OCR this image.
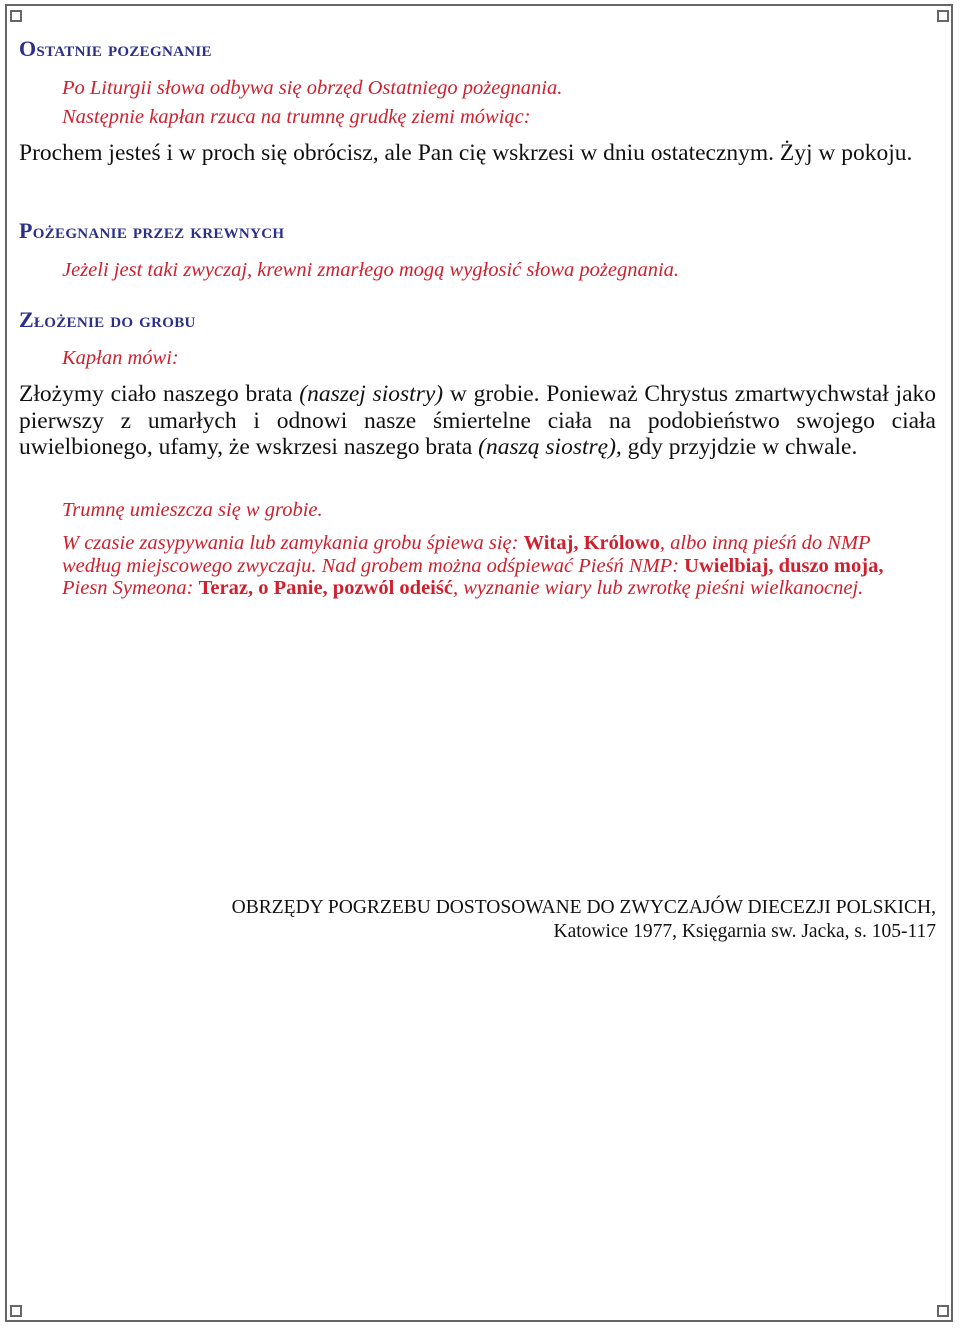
Ostatnie pozegnanie
Po Liturgii słowa odbywa się obrzęd Ostatniego pożegnania.
Następnie kapłan rzuca na trumnę grudkę ziemi mówiąc:
Prochem jesteś i w proch się obrócisz, ale Pan cię wskrzesi w dniu ostatecznym. Żyj w pokoju.
Pożegnanie przez krewnych
Jeżeli jest taki zwyczaj, krewni zmarłego mogą wygłosić słowa pożegnania.
Złożenie do grobu
Kapłan mówi:
Złożymy ciało naszego brata (naszej siostry) w grobie. Ponieważ Chrystus zmartwychwstał jako pierwszy z umarłych i odnowi nasze śmiertelne ciała na podobieństwo swojego ciała uwielbionego, ufamy, że wskrzesi naszego brata (naszą siostrę), gdy przyjdzie w chwale.
Trumnę umieszcza się w grobie.
W czasie zasypywania lub zamykania grobu śpiewa się: Witaj, Królowo, albo inną pieśń do NMP według miejscowego zwyczaju. Nad grobem można odśpiewać Pieśń NMP: Uwielbiaj, duszo moja, Piesn Symeona: Teraz, o Panie, pozwól odeiść, wyznanie wiary lub zwrotkę pieśni wielkanocnej.
OBRZĘDY POGRZEBU DOSTOSOWANE DO ZWYCZAJÓW DIECEZJI POLSKICH,
Katowice 1977, Księgarnia sw. Jacka, s. 105-117
